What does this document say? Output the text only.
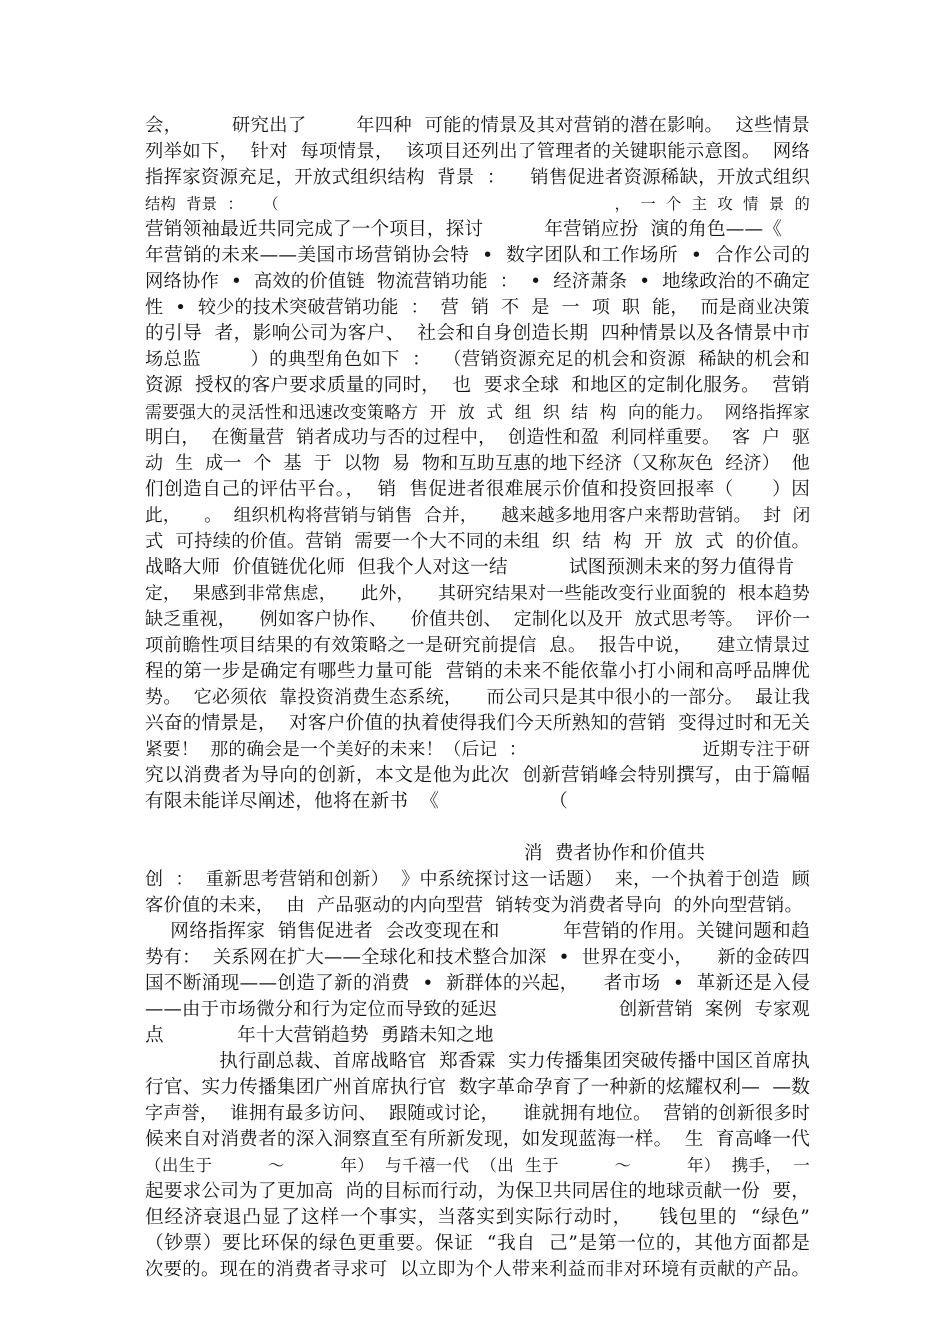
会，        研究出了        年四种  可能的情景及其对营销的潜在影响。  这些情景
列举如下，  针对  每项情景，  该项目还列出了管理者的关键职能示意图。  网络
指挥家资源充足，开放式组织结构  背景  ：    销售促进者资源稀缺，开放式组织
结构  背景  ：    （                                                                  ，  一  个  主  攻  情  景  的
营销领袖最近共同完成了一个项目，探讨          年营销应扮  演的角色——《
年营销的未来——美国市场营销协会特  •  数字团队和工作场所  •  合作公司的
网络协作  •  高效的价值链  物流营销功能  ：  •  经济萧条  •  地缘政治的不确定
性  •  较少的技术突破营销功能  ：  营  销  不  是  一  项  职  能，  而是商业决策
的引导  者，影响公司为客户、  社会和自身创造长期  四种情景以及各情景中市
场总监        ）的典型角色如下  ：  （营销资源充足的机会和资源  稀缺的机会和
资源  授权的客户要求质量的同时，  也  要求全球  和地区的定制化服务。  营销
需要强大的灵活性和迅速改变策略方  开  放  式  组  织  结  构  向的能力。  网络指挥家
明白，  在衡量营  销者成功与否的过程中，  创造性和盈  利同样重要。  客  户  驱
动  生  成一  个  基  于  以物  易  物和互助互惠的地下经济（又称灰色  经济）  他
们创造自己的评估平台。，  销  售促进者很难展示价值和投资回报率（      ）因
此，    。  组织机构将营销与销售  合并，    越来越多地用客户来帮助营销。  封  闭
式  可持续的价值。营销  需要一个大不同的未组  织  结  构  开  放  式  的价值。
战略大师  价值链优化师  但我个人对这一结          试图预测未来的努力值得肯
定，  果感到非常焦虑，    此外，    其研究结果对一些能改变行业面貌的  根本趋势
缺乏重视，    例如客户协作、    价值共创、  定制化以及开  放式思考等。  评价一
项前瞻性项目结果的有效策略之一是研究前提信  息。  报告中说，    建立情景过
程的第一步是确定有哪些力量可能  营销的未来不能依靠小打小闹和高呼品牌优
势。  它必须依  靠投资消费生态系统，    而公司只是其中很小的一部分。  最让我
兴奋的情景是，  对客户价值的执着使得我们今天所熟知的营销  变得过时和无关
紧要！  那的确会是一个美好的未来！（后记  ：                              近期专注于研
究以消费者为导向的创新，本文是他为此次  创新营销峰会特别撰写，由于篇幅
有限未能详尽阐述，他将在新书  《                  （
消  费者协作和价值共
创  ：  重新思考营销和创新）  》中系统探讨这一话题）  来，一个执着于创造  顾
客价值的未来，  由  产品驱动的内向型营  销转变为消费者导向  的外向型营销。
网络指挥家  销售促进者  会改变现在和          年营销的作用。关键问题和趋
势有：  关系网在扩大——全球化和技术整合加深  •  世界在变小，    新的金砖四
国不断涌现——创造了新的消费  •  新群体的兴起，    者市场  •  革新还是入侵
——由于市场微分和行为定位而导致的延迟                    创新营销  案例  专家观
点            年十大营销趋势  勇踏未知之地
执行副总裁、首席战略官  郑香霖  实力传播集团突破传播中国区首席执
行官、实力传播集团广州首席执行官  数字革命孕育了一种新的炫耀权利—  —数
字声誉，  谁拥有最多访问、  跟随或讨论，    谁就拥有地位。  营销的创新很多时
候来自对消费者的深入洞察直至有所新发现，如发现蓝海一样。  生  育高峰一代
（出生于          ～          年）  与千禧一代  （出  生于          ～          年）  携手，  一
起要求公司为了更加高  尚的目标而行动，为保卫共同居住的地球贡献一份  要，
但经济衰退凸显了这样一个事实，当落实到实际行动时，    钱包里的  “绿色”
（钞票）要比环保的绿色更重要。保证  “我自  己”是第一位的，其他方面都是
次要的。现在的消费者寻求可  以立即为个人带来利益而非对环境有贡献的产品。
